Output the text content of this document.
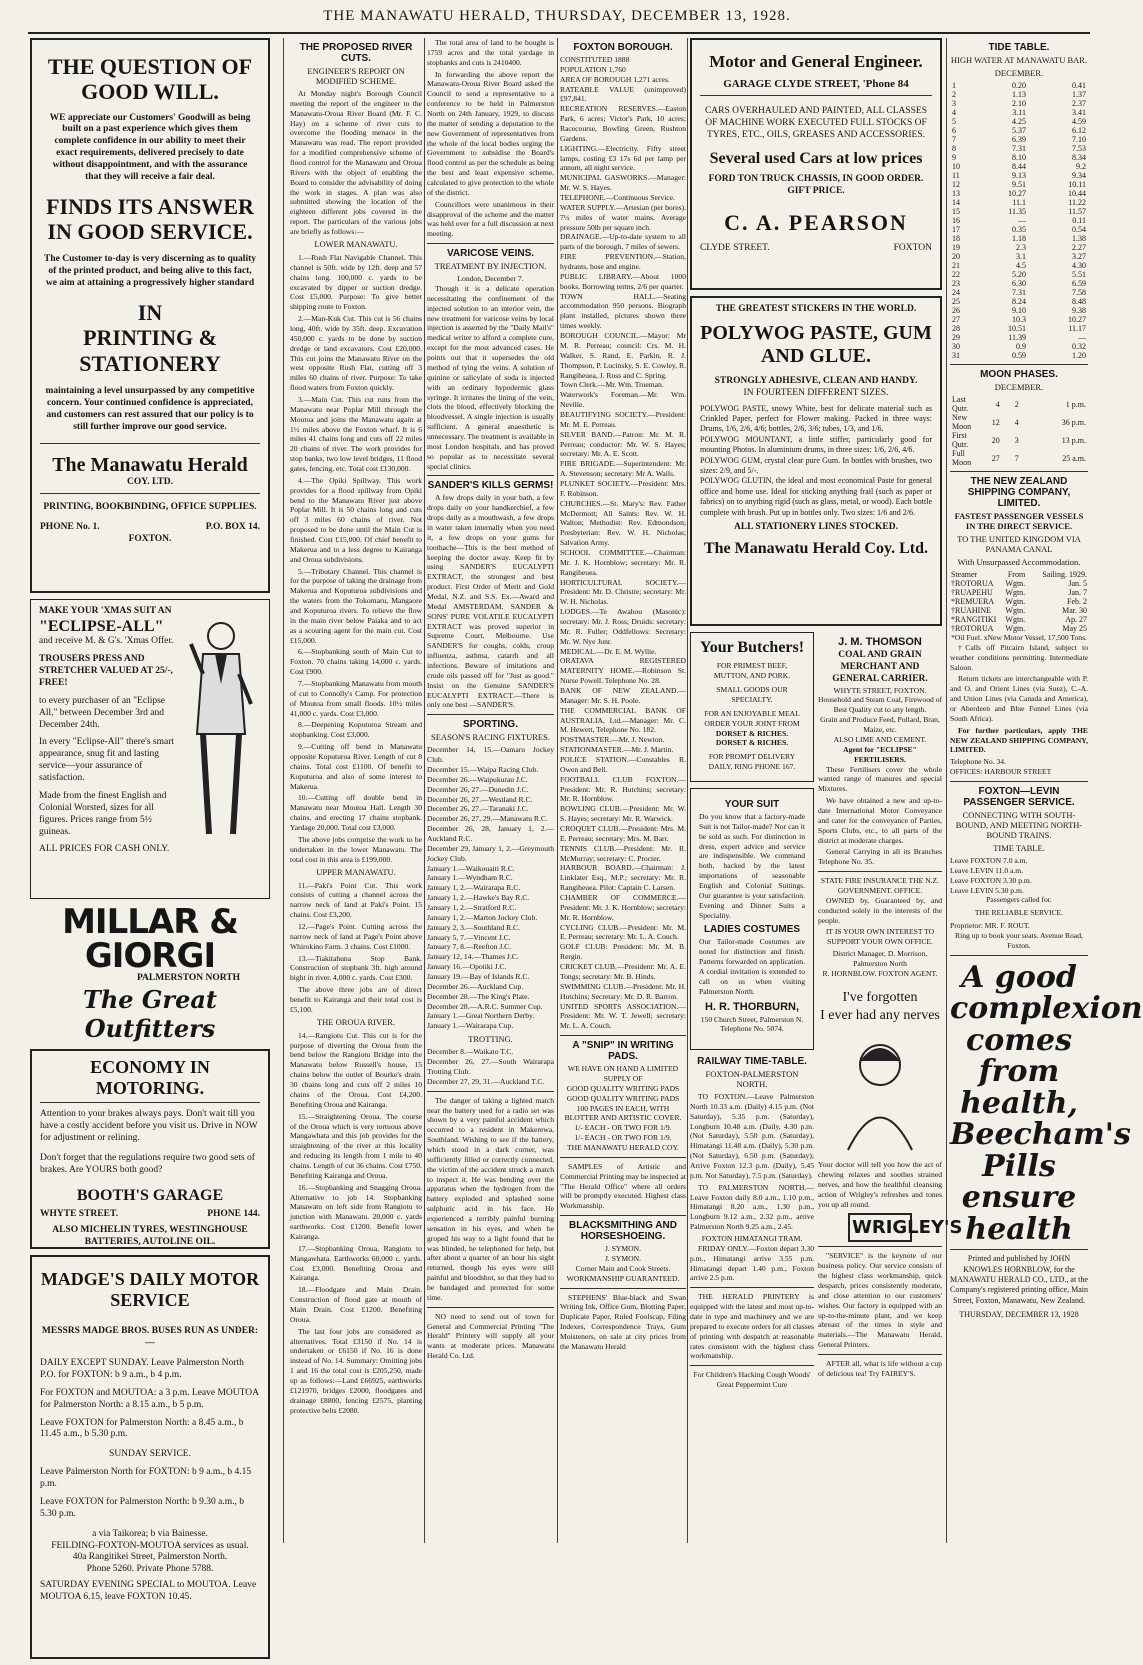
THE MANAWATU HERALD, THURSDAY, DECEMBER 13, 1928.
THE QUESTION OF GOOD WILL.
WE appreciate our Customers' Goodwill as being built on a past experience which gives them complete confidence in our ability to meet their exact requirements, delivered precisely to date without disappointment, and with the assurance that they will receive a fair deal.
FINDS ITS ANSWER IN GOOD SERVICE.
The Customer to-day is very discerning as to quality of the printed product, and being alive to this fact, we aim at attaining a progressively higher standard
IN
PRINTING & STATIONERY
maintaining a level unsurpassed by any competitive concern. Your continued confidence is appreciated, and customers can rest assured that our policy is to still further improve our good service.
The Manawatu Herald
COY. LTD.
PRINTING, BOOKBINDING, OFFICE SUPPLIES.
PHONE No. 1.	P.O. BOX 14.
FOXTON.
MAKE YOUR 'XMAS SUIT AN
"ECLIPSE-ALL"
and receive M. & G's. 'Xmas Offer.
TROUSERS PRESS AND STRETCHER VALUED AT 25/-, FREE!
to every purchaser of an "Eclipse All," between December 3rd and December 24th.
In every "Eclipse-All" there's smart appearance, snug fit and lasting service—your assurance of satisfaction.
Made from the finest English and Colonial Worsted, sizes for all figures. Prices range from 5½ guineas.
ALL PRICES FOR CASH ONLY.
MILLAR & GIORGI
PALMERSTON NORTH
The Great Outfitters
ECONOMY IN MOTORING.
Attention to your brakes always pays. Don't wait till you have a costly accident before you visit us. Drive in NOW for adjustment or relining.
Don't forget that the regulations require two good sets of brakes. Are YOURS both good?
BOOTH'S GARAGE
WHYTE STREET.	PHONE 144.
ALSO MICHELIN TYRES, WESTINGHOUSE BATTERIES, AUTOLINE OIL.
MADGE'S DAILY MOTOR SERVICE
MESSRS MADGE BROS. BUSES RUN AS UNDER:—
DAILY EXCEPT SUNDAY. Leave Palmerston North P.O. for FOXTON: b 9 a.m., b 4 p.m.
For FOXTON and MOUTOA: a 3 p.m. Leave MOUTOA for Palmerston North: a 8.15 a.m., b 5 p.m.
Leave FOXTON for Palmerston North: a 8.45 a.m., b 11.45 a.m., b 5.30 p.m.
SUNDAY SERVICE.
Leave Palmerston North for FOXTON: b 9 a.m., b 4.15 p.m.
Leave FOXTON for Palmerston North: b 9.30 a.m., b 5.30 p.m.
a via Taikorea; b via Bainesse.
FEILDING-FOXTON-MOUTOA services as usual.
40a Rangitikei Street, Palmerston North.
Phone 5260. Private Phone 5788.
SATURDAY EVENING SPECIAL to MOUTOA. Leave MOUTOA 6.15, leave FOXTON 10.45.
THE PROPOSED RIVER CUTS.
ENGINEER'S REPORT ON MODIFIED SCHEME.

At Monday night's Borough Council meeting the report of the engineer to the Manawatu-Oroua River Board (Mr. F. C. Hay) on a scheme of river cuts to overcome the flooding menace in the Manawatu was read. The report provided for a modified comprehensive scheme of flood control for the Manawatu and Oroua Rivers with the object of enabling the Board to consider the advisability of doing the work in stages. A plan was also submitted showing the location of the eighteen different jobs covered in the report. The particulars of the various jobs are briefly as follows:—

LOWER MANAWATU.

1.—Rush Flat Navigable Channel. This channel is 50ft. wide by 12ft. deep and 57 chains long. 100,000 c. yards to be excavated by dipper or suction dredge. Cost £5,000. Purpose: To give better shipping route to Foxton.

2.—Man-Kuk Cut. This cut is 56 chains long, 40ft. wide by 35ft. deep. Excavation 450,000 c. yards to be done by suction dredge or land excavators. Cost £20,000. This cut joins the Manawatu River on the west opposite Rush Flat, cutting off 3 miles 60 chains of river. Purpose: To take flood waters from Foxton quickly.

3.—Main Cut. This cut runs from the Manawatu near Poplar Mill through the Moutoa and joins the Manawatu again at 1½ miles above the Foxton wharf. It is 6 miles 41 chains long and cuts off 22 miles 20 chains of river. The work provides for stop banks, two low level bridges, 11 flood gates, fencing, etc. Total cost £130,000.

4.—The Opiki Spillway. This work provides for a flood spillway from Opiki bend to the Manawatu River just above Poplar Mill. It is 50 chains long and cuts off 3 miles 60 chains of river. Not proposed to be done until the Main Cut is finished. Cost £15,000. Of chief benefit to Makerua and to a less degree to Kairanga and Oroua subdivisions.

5.—Tributary Channel. This channel is for the purpose of taking the drainage from Makerua and Koputuroa subdivisions and the waters from the Tokomaru, Mangaore and Koputuroa rivers. To relieve the flow in the main river below Paiaka and to act as a scouring agent for the main cut. Cost £15,000.

6.—Stopbanking south of Main Cut to Foxton. 70 chains taking 14,000 c. yards. Cost £900.

7.—Stopbanking Manawatu from mouth of cut to Connolly's Camp. For protection of Moutoa from small floods. 10½ miles 41,000 c. yards. Cost £3,000.

8.—Deepening Koputuroa Stream and stopbanking. Cost £3,000.

9.—Cutting off bend in Manawatu opposite Koputuroa River. Length of cut 8 chains. Total cost £1100. Of benefit to Koputuroa and also of some interest to Makerua.

10.—Cutting off double bend in Manawatu near Moutoa Hall. Length 30 chains, and erecting 17 chains stopbank. Yardage 20,000. Total cost £3,000.

The above jobs comprise the work to be undertaken in the lower Manawatu. The total cost in this area is £199,000.

UPPER MANAWATU.

11.—Paki's Point Cut. This work consists of cutting a channel across the narrow neck of land at Paki's Point. 15 chains. Cost £3,200.

12.—Page's Point. Cutting across the narrow neck of land at Page's Point above Whirokino Farm. 3 chains. Cost £1000.

13.—Tiakitahuna Stop Bank. Construction of stopbank 3ft. high around bight in river. 4,000 c. yards. Cost £300.

The above three jobs are of direct benefit to Kairanga and their total cost is £5,100.

THE OROUA RIVER.

14.—Rangiotu Cut. This cut is for the purpose of diverting the Oroua from the bend below the Rangiotu Bridge into the Manawatu below Russell's house, 15 chains below the outlet of Bourke's drain. 30 chains long and cuts off 2 miles 10 chains of the Oroua. Cost £4,200. Benefiting Oroua and Kairanga.

15.—Straightening Oroua. The course of the Oroua which is very tortuous above Mangawhata and this job provides for the straightening of the river at this locality and reducing its length from 1 mile to 40 chains. Length of cut 36 chains. Cost £750. Benefiting Kairanga and Oroua.

16.—Stopbanking and Snagging Oroua. Alternative to job 14. Stopbanking Manawatu on left side from Rangiotu to junction with Manawatu. 20,000 c. yards earthworks. Cost £1200. Benefit lower Kairanga.

17.—Stopbanking Oroua, Rangiotu to Mangawhata. Earthworks 60,000 c. yards. Cost £3,000. Benefiting Oroua and Kairanga.

18.—Floodgate and Main Drain. Construction of flood gate at mouth of Main Drain. Cost £1200. Benefiting Oroua.

The last four jobs are considered as alternatives. Total £3150 if No. 14 is undertaken or £6150 if No. 16 is done instead of No. 14. Summary: Omitting jobs 1 and 16 the total cost is £205,250, made up as follows:—Land £66925, earthworks £121970, bridges £2000, floodgates and drainage £8800, fencing £2575, planting protective belts £2080.

The total area of land to be bought is 1759 acres and the total yardage in stopbanks and cuts is 2410400.

In forwarding the above report the Manawatu-Oroua River Board asked the Council to send a representative to a conference to be held in Palmerston North on 24th January, 1929, to discuss the matter of sending a deputation to the new Government of representatives from the whole of the local bodies urging the Government to subsidise the Board's flood control as per the schedule as being the best and least expensive scheme, calculated to give protection to the whole of the district.

Councillors were unanimous in their disapproval of the scheme and the matter was held over for a full discussion at next meeting.

VARICOSE VEINS.
TREATMENT BY INJECTION.
London, December 7.

Though it is a delicate operation necessitating the confinement of the injected solution to an interior vein, the new treatment for varicose veins by local injection is asserted by the "Daily Mail's" medical writer to afford a complete cure, except for the most advanced cases. He points out that it supersedes the old method of tying the veins. A solution of quinine or salicylate of soda is injected with an ordinary hypodermic glass syringe. It irritates the lining of the vein, clots the blood, effectively blocking the bloodvessel. A single injection is usually sufficient. A general anaesthetic is unnecessary. The treatment is available in most London hospitals, and has proved so popular as to necessitate several special clinics.

SANDER'S KILLS GERMS!

A few drops daily in your bath, a few drops daily on your handkerchief, a few drops daily as a mouthwash, a few drops in water taken internally when you need it, a few drops on your gums for toothache—This is the best method of keeping the doctor away. Keep fit by using SANDER'S EUCALYPTI EXTRACT, the strongest and best product. First Order of Merit and Gold Medal, N.Z. and S.S. Ex.—Award and Medal AMSTERDAM. SANDER & SONS' PURE VOLATILE EUCALYPTI EXTRACT was proved superior in Supreme Court, Melbourne. Use SANDER'S for coughs, colds, croup influenza, asthma, catarrh and all infections. Beware of imitations and crude oils passed off for "Just as good." Insist on the Genuine SANDER'S EUCALYPTI EXTRACT.—There is only one best —SANDER'S.

SPORTING.
SEASON'S RACING FIXTURES.
December 14, 15.—Oamaru Jockey Club.
December 15.—Waipa Racing Club.
December 26.—Waipukurau J.C.
December 26, 27.—Dunedin J.C.
December 26, 27.—Westland R.C.
December 26, 27.—Taranaki J.C.
December 26, 27, 29.—Manawatu R.C.
December 26, 28, January 1, 2.—Auckland R.C.
December 29, January 1, 2.—Greymouth Jockey Club.
January 1.—Waikouaiti R.C.
January 1.—Wyndham R.C.
January 1, 2.—Wairarapa R.C.
January 1, 2.—Hawke's Bay R.C.
January 1, 2.—Stratford R.C.
January 1, 2.—Marton Jockey Club.
January 2, 3.—Southland R.C.
January 5, 7.—Vincent J.C.
January 7, 8.—Reefton J.C.
January 12, 14.—Thames J.C.
January 16.—Opotiki J.C.
January 19.—Bay of Islands R.C.
December 26.—Auckland Cup.
December 28.—The King's Plate.
December 28.—A.R.C. Summer Cup.
January 1.—Great Northern Derby.
January 1.—Wairarapa Cup.
TROTTING.
December 8.—Waikato T.C.
December 26, 27.—South Wairarapa Trotting Club.
December 27, 29, 31.—Auckland T.C.

The danger of taking a lighted match near the battery used for a radio set was shown by a very painful accident which occurred to a resident in Makerewa, Southland. Wishing to see if the battery, which stood in a dark corner, was sufficiently filled or correctly connected, the victim of the accident struck a match to inspect it. He was bending over the apparatus when the hydrogen from the battery exploded and splashed some sulphuric acid in his face. He experienced a terribly painful burning sensation in his eyes, and when he groped his way to a light found that he was blinded, he telephoned for help, but after about a quarter of an hour his sight returned, though his eyes were still painful and bloodshot, so that they had to be bandaged and protected for some time.

NO need to send out of town for General and Commercial Printing "The Herald" Printery will supply all your wants at moderate prices. Manawatu Herald Co. Ltd.

FOXTON BOROUGH.
CONSTITUTED 1888
POPULATION 1,760
AREA OF BOROUGH 1,271 acres.
RATEABLE VALUE (unimproved) £97,841.
RECREATION RESERVES.—Easton Park, 6 acres; Victor's Park, 10 acres; Racecourse, Bowling Green, Rushton Gardens.
LIGHTING.—Electricity. Fifty street lamps, costing £3 17s 6d per lamp per annum, all night service.
MUNICIPAL GASWORKS.—Manager: Mr. W. S. Hayes.
TELEPHONE.—Continuous Service.
WATER SUPPLY.—Artesian (per bores). 7½ miles of water mains. Average pressure 50lb per square inch.
DRAINAGE.—Up-to-date system to all parts of the borough, 7 miles of sewers.
FIRE PREVENTION.—Station, hydrants, hose and engine.
PUBLIC LIBRARY.—About 1000 books. Borrowing terms, 2/6 per quarter.
TOWN HALL.—Seating accommodation 950 persons. Biograph plant installed, pictures shown three times weekly.
BOROUGH COUNCIL.—Mayor: Mr M. R. Perreau; council: Crs. M. H. Walker, S. Rand, E. Parkin, R. J. Thompson, P. Lucinsky, S. E. Cowley, R. Rangiheuea, J. Ross and C. Spring.
Town Clerk.—Mr. Wm. Trueman.
Waterwork's Foreman.—Mr. Wm. Neville.
BEAUTIFYING SOCIETY.—President: Mr. M. E. Perreau.
SILVER BAND.—Patron: Mr. M. R. Perreau; conductor: Mr. W. S. Hayes; secretary: Mr. A. E. Scott.
FIRE BRIGADE.—Superintendent: Mr. A. Stevenson; secretary: Mr A. Wails.
PLUNKET SOCIETY.—President: Mrs. F. Robinson.
CHURCHES.—St. Mary's: Rev. Father McDermott; All Saints: Rev. W. H. Walton; Methodist: Rev. Edmondson; Presbyterian: Rev. W. H. Nicholas; Salvation Army.
SCHOOL COMMITTEE.—Chairman: Mr. J. K. Hornblow; secretary: Mr. R. Rangiheuea.
HORTICULTURAL SOCIETY.—President: Mr. D. Christie; secretary: Mr. W. H. Nicholas.
LODGES.—Te Awahou (Masonic): secretary: Mr. J. Ross; Druids: secretary: Mr. R. Fuller; Oddfellows: Secretary: Mr. W. Nye Junr.
MEDICAL.—Dr. E. M. Wyllie.
ORATAVA REGISTERED MATERNITY HOME.—Robinson St. Nurse Powell. Telephone No. 28.
BANK OF NEW ZEALAND.—Manager: Mr. S. H. Poole.
THE COMMERCIAL BANK OF AUSTRALIA, Ltd.—Manager: Mr. C. M. Hewett, Telephone No. 182.
POSTMASTER.—Mr. J. Newton.
STATIONMASTER.—Mr. J. Martin.
POLICE STATION.—Constables R. Owen and Bell.
FOOTBALL CLUB FOXTON.—President: Mr. R. Hutchins; secretary: Mr. R. Hornblow.
BOWLING CLUB.—President: Mr. W. S. Hayes; secretary: Mr. R. Warwick.
CROQUET CLUB.—President: Mrs. M. E. Perreau; secretary: Mrs. M. Barr.
TENNIS CLUB.—President: Mr. R. McMurray; secretary: C. Procter.
HARBOUR BOARD.—Chairman: J. Linklater Esq., M.P.; secretary: Mr. R. Rangiheuea. Pilot: Captain C. Larsen.
CHAMBER OF COMMERCE.—President: Mr. J. K. Hornblow; secretary: Mr. R. Hornblow.
CYCLING CLUB.—President: Mr. M. E. Perreau; secretary: Mr. L. A. Couch.
GOLF CLUB: President: Mr. M. B. Rergin.
CRICKET CLUB.—President: Mr. A. E. Tongs; secretary: Mr. B. Hinds.
SWIMMING CLUB.—President: Mr. H. Hutchins; Secretary: Mr. D. R. Barron.
UNITED SPORTS ASSOCIATION.—President: Mr. W. T. Jewell; secretary: Mr. L. A. Couch.
A "SNIP" IN WRITING PADS.
WE HAVE ON HAND A LIMITED SUPPLY OF
GOOD QUALITY WRITING PADS
GOOD QUALITY WRITING PADS
100 PAGES IN EACH, WITH BLOTTER AND ARTISTIC COVER.
1/- EACH - OR TWO FOR 1/9.
1/- EACH - OR TWO FOR 1/9.
THE MANAWATU HERALD COY.

SAMPLES of Artistic and Commercial Printing may be inspected at "The Herald Office" where all orders will be promptly executed. Highest class Workmanship.

BLACKSMITHING AND HORSESHOEING.
J. SYMON.
J. SYMON.
Corner Main and Cook Streets.
WORKMANSHIP GUARANTEED.

STEPHENS' Blue-black and Swan Writing Ink, Office Gum, Blotting Paper, Duplicate Paper, Ruled Foolscap, Filing Indexes, Correspondence Trays, Gum Moisteners, on sale at city prices from the Manawatu Herald

Motor and General Engineer.
GARAGE CLYDE STREET, 'Phone 84
CARS OVERHAULED AND PAINTED, ALL CLASSES OF MACHINE WORK EXECUTED FULL STOCKS OF TYRES, ETC., OILS, GREASES AND ACCESSORIES.
Several used Cars at low prices
FORD TON TRUCK CHASSIS, IN GOOD ORDER. GIFT PRICE.
C. A. PEARSON
CLYDE STREET.	FOXTON
THE GREATEST STICKERS IN THE WORLD.
POLYWOG PASTE, GUM AND GLUE.
STRONGLY ADHESIVE, CLEAN AND HANDY.
IN FOURTEEN DIFFERENT SIZES.
POLYWOG PASTE, snowy White, best for delicate material such as Crinkled Paper, perfect for Flower making. Packed in three ways: Drums, 1/6, 2/6, 4/6; bottles, 2/6, 3/6; tubes, 1/3, and 1/6.
POLYWOG MOUNTANT, a little stiffer, particularly good for mounting Photos. In aluminium drums, in three sizes: 1/6, 2/6, 4/6.
POLYWOG GUM, crystal clear pure Gum. In bottles with brushes, two sizes: 2/9, and 5/-.
POLYWOG GLUTIN, the ideal and most economical Paste for general office and home use. Ideal for sticking anything frail (such as paper or fabrics) on to anything rigid (such as glass, metal, or wood). Each bottle complete with brush. Put up in bottles only. Two sizes: 1/6 and 2/6.
ALL STATIONERY LINES STOCKED.
The Manawatu Herald Coy. Ltd.
Your Butchers!
FOR PRIMEST BEEF, MUTTON, AND PORK.
SMALL GOODS OUR SPECIALTY.
FOR AN ENJOYABLE MEAL ORDER YOUR JOINT FROM
DORSET & RICHES.
DORSET & RICHES.
FOR PROMPT DELIVERY DAILY, RING PHONE 167.
YOUR SUIT
Do you know that a factory-made Suit is not Tailor-made? Nor can it be sold as such. For distinction in dress, expert advice and service are indispensible. We command both, backed by the latest importations of seasonable English and Colonial Suitings. Our guarantee is your satisfaction. Evening and Dinner Suits a Speciality.
LADIES COSTUMES
Our Tailor-made Costumes are noted for distinction and finish. Patterns forwarded on application. A cordial invitation is extended to call on us when visiting Palmerston North.
H. R. THORBURN,
150 Church Street, Palmerston N. Telephone No. 5074.
RAILWAY TIME-TABLE.
FOXTON-PALMERSTON NORTH.

TO FOXTON.—Leave Palmerston North 10.33 a.m. (Daily) 4.15 p.m. (Not Saturday), 5.35 p.m. (Saturday), Longburn 10.48 a.m. (Daily, 4.30 p.m. (Not Saturday), 5.50 p.m. (Saturday), Himatangi 11.48 a.m. (Daily), 5.30 p.m. (Not Saturday), 6.50 p.m. (Saturday); Arrive Foxton 12.3 p.m. (Daily), 5.45 p.m. Not Saturday), 7.5 p.m. (Saturday).

TO PALMERSTON NORTH.—Leave Foxton daily 8.0 a.m., 1.10 p.m., Himatangi 8.20 a.m., 1.30 p.m., Longburn 9.12 a.m., 2.32 p.m., arrive Palmerston North 9.25 a.m., 2.45.

FOXTON HIMATANGI TRAM.

FRIDAY ONLY.—Foxton depart 3.30 p.m., Himatangi arrive 3.55 p.m. Himatangi depart 1.40 p.m., Foxton arrive 2.5 p.m.

THE HERALD PRINTERY is equipped with the latest and most up-to-date in type and machinery and we are prepared to execute orders for all classes of printing with despatch at reasonable rates consistent with the highest class workmanship.

For Children's Hacking Cough Woods' Great Peppermint Cure
J. M. THOMSON
COAL AND GRAIN MERCHANT AND GENERAL CARRIER.
WHYTE STREET, FOXTON.
Household and Steam Coal, Firewood of Best Quality cut to any length.
Grain and Produce Feed, Pollard, Bran, Maize, etc.
ALSO LIME AND CEMENT.
Agent for "ECLIPSE" FERTILISERS.

These Fertilisers cover the whole wanted range of manures and special Mixtures.

We have obtained a new and up-to-date International Motor Conveyance and cater for the conveyance of Parties, Sports Clubs, etc., to all parts of the district at moderate charges.

General Carrying in all its Branches Telephone No. 35.

STATE FIRE INSURANCE THE N.Z. GOVERNMENT. OFFICE.

OWNED by, Guaranteed by, and conducted solely in the interests of the people.

IT IS YOUR OWN INTEREST TO SUPPORT YOUR OWN OFFICE.
District Manager, D. Morrison, Palmerston North
R. HORNBLOW. FOXTON AGENT.
I've forgotten
I ever had any nerves
Your doctor will tell you how the act of chewing relaxes and soothes strained nerves, and how the healthful cleansing action of Wrigley's refreshes and tones you up all round.
WRIGLEY'S

"SERVICE" is the keynote of our business policy. Our service consists of the highest class workmanship, quick despatch, prices consistently moderate, and close attention to our customers' wishes. Our factory is equipped with an up-to-the-minute plant, and we keep abreast of the times in style and materials.—The Manawatu Herald, General Printers.

AFTER all, what is life without a cup of delicious tea! Try FAIREY'S.

TIDE TABLE.
HIGH WATER AT MANAWATU BAR.
DECEMBER.
1	0.20	0.41
2	1.13	1.37
3	2.10	2.37
4	3.11	3.41
5	4.25	4.59
6	5.37	6.12
7	6.39	7.10
8	7.31	7.53
9	8.10	8.34
10	8.44	9.2
11	9.13	9.34
12	9.51	10.11
13	10.27	10.44
14	11.1	11.22
15	11.35	11.57
16	—	0.11
17	0.35	0.54
18	1.18	1.38
19	2.3	2.27
20	3.1	3.27
21	4.5	4.30
22	5.20	5.51
23	6.30	6.59
24	7.31	7.58
25	8.24	8.48
26	9.10	9.38
27	10.3	10.27
28	10.51	11.17
29	11.39	—
30	0.9	0.32
31	0.59	1.20
MOON PHASES.
DECEMBER.
Last Qutr.	4	2	1 p.m.
New Moon	12	4	36 p.m.
First Qutr.	20	3	13 p.m.
Full Moon	27	7	25 a.m.
THE NEW ZEALAND SHIPPING COMPANY, LIMITED.
FASTEST PASSENGER VESSELS IN THE DIRECT SERVICE.
TO THE UNITED KINGDOM VIA PANAMA CANAL
With Unsurpassed Accommodation.
Steamer	From	Sailing. 1929.
†ROTORUA	Wgtn.	Jan. 5
†RUAPEHU	Wgtn.	Jan. 7
*REMUERA	Wgtn.	Feb. 2
†RUAHINE	Wgtn.	Mar. 30
*RANGITIKI	Wgtn.	Ap. 27
†ROTORUA	Wgtn.	May 25
*Oil Fuel. xNew Motor Vessel, 17,500 Tons.

†Calls off Pitcairn Island, subject to weather conditions permitting. Intermediate Saloon.

Return tickets are interchangeable with P. and O. and Orient Lines (via Suez), C.-A. and Union Lines (via Canada and America), or Aberdeen and Blue Funnel Lines (via South Africa).

For further particulars, apply THE NEW ZEALAND SHIPPING COMPANY, LIMITED.

Telephone No. 34.
OFFICES: HARBOUR STREET
FOXTON—LEVIN PASSENGER SERVICE.
CONNECTING WITH SOUTH-BOUND, AND MEETING NORTH-BOUND TRAINS.
TIME TABLE.
Leave FOXTON 7.0 a.m.
Leave LEVIN 11.0 a.m.
Leave FOXTON 3.30 p.m.
Leave LEVIN 5.30 p.m.
Passengers called for.
THE RELIABLE SERVICE.
Proprietor: MR. F. ROUT.
Ring up to book your seats. Avenue Road, Foxton.
A good
complexion
comes from
health,
Beecham's
Pills
ensure
health
Printed and published by JOHN KNOWLES HORNBLOW, for the MANAWATU HERALD CO., LTD., at the Company's registered printing office, Main Street, Foxton, Manawatu, New Zealand.
THURSDAY, DECEMBER 13, 1928
